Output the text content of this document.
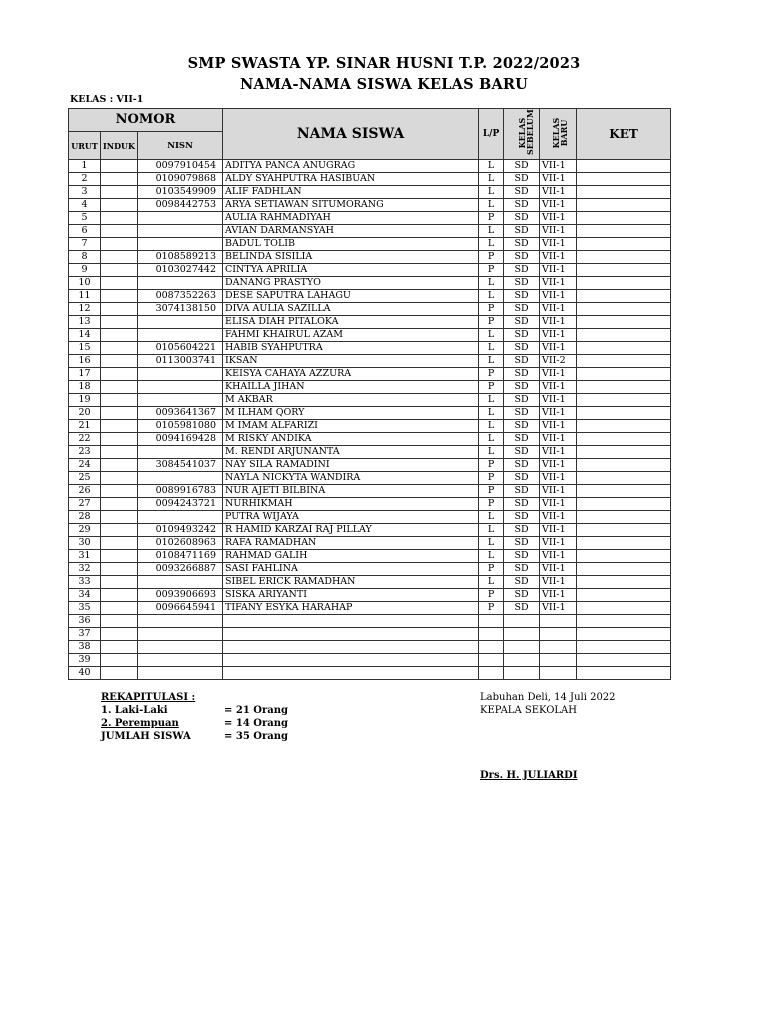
SMP SWASTA YP. SINAR HUSNI T.P. 2022/2023
NAMA-NAMA SISWA KELAS BARU
KELAS : VII-1
NOMOR			NAMA SISWA	L/P	KELAS SEBELUM	KELAS BARU	KET
URUT	INDUK	NISN					
1		0097910454	ADITYA PANCA ANUGRAG	L	SD	VII-1	
2		0109079868	ALDY SYAHPUTRA HASIBUAN	L	SD	VII-1	
3		0103549909	ALIF FADHLAN	L	SD	VII-1	
4		0098442753	ARYA SETIAWAN SITUMORANG	L	SD	VII-1	
5			AULIA RAHMADIYAH	P	SD	VII-1	
6			AVIAN DARMANSYAH	L	SD	VII-1	
7			BADUL TOLIB	L	SD	VII-1	
8		0108589213	BELINDA SISILIA	P	SD	VII-1	
9		0103027442	CINTYA APRILIA	P	SD	VII-1	
10			DANANG PRASTYO	L	SD	VII-1	
11		0087352263	DESE SAPUTRA LAHAGU	L	SD	VII-1	
12		3074138150	DIVA AULIA SAZILLA	P	SD	VII-1	
13			ELISA DIAH PITALOKA	P	SD	VII-1	
14			FAHMI KHAIRUL AZAM	L	SD	VII-1	
15		0105604221	HABIB SYAHPUTRA	L	SD	VII-1	
16		0113003741	IKSAN	L	SD	VII-2	
17			KEISYA CAHAYA AZZURA	P	SD	VII-1	
18			KHAILLA JIHAN	P	SD	VII-1	
19			M AKBAR	L	SD	VII-1	
20		0093641367	M ILHAM QORY	L	SD	VII-1	
21		0105981080	M IMAM ALFARIZI	L	SD	VII-1	
22		0094169428	M RISKY ANDIKA	L	SD	VII-1	
23			M. RENDI ARJUNANTA	L	SD	VII-1	
24		3084541037	NAY SILA RAMADINI	P	SD	VII-1	
25			NAYLA NICKYTA WANDIRA	P	SD	VII-1	
26		0089916783	NUR AJETI BILBINA	P	SD	VII-1	
27		0094243721	NURHIKMAH	P	SD	VII-1	
28			PUTRA WIJAYA	L	SD	VII-1	
29		0109493242	R HAMID KARZAI RAJ PILLAY	L	SD	VII-1	
30		0102608963	RAFA RAMADHAN	L	SD	VII-1	
31		0108471169	RAHMAD GALIH	L	SD	VII-1	
32		0093266887	SASI FAHLINA	P	SD	VII-1	
33			SIBEL ERICK RAMADHAN	L	SD	VII-1	
34		0093906693	SISKA ARIYANTI	P	SD	VII-1	
35		0096645941	TIFANY ESYKA HARAHAP	P	SD	VII-1	
36							
37							
38							
39							
40							
REKAPITULASI :
1. Laki-Laki	= 21 Orang
2. Perempuan	= 14 Orang
JUMLAH SISWA	= 35 Orang
Labuhan Deli, 14 Juli 2022
KEPALA SEKOLAH
Drs. H. JULIARDI
